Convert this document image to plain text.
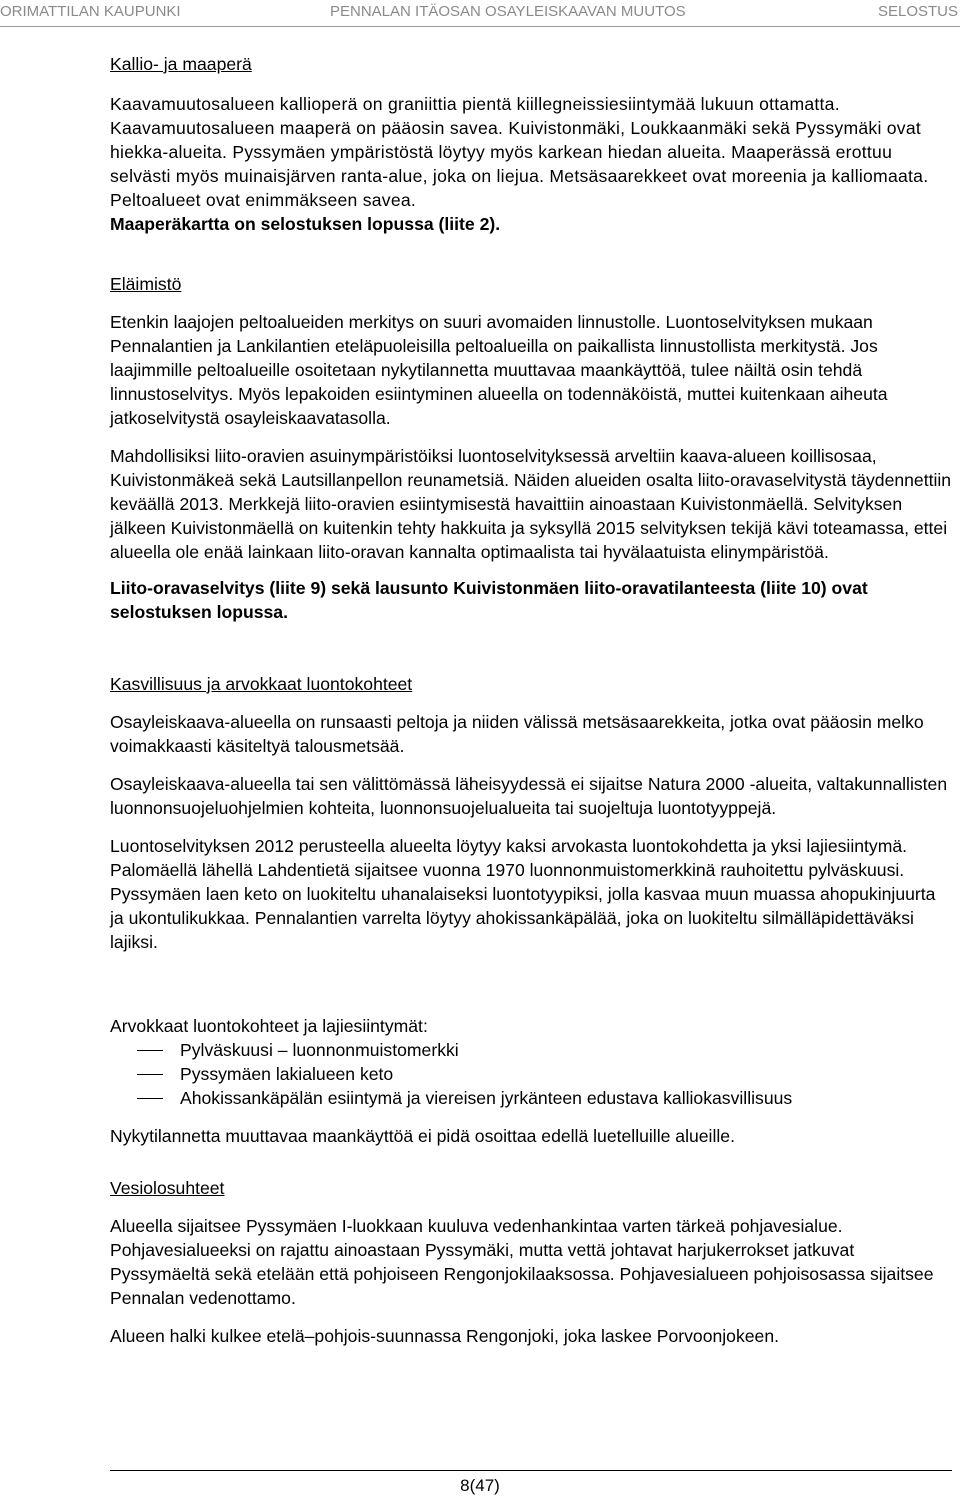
ORIMATTILAN KAUPUNKI	PENNALAN ITÄOSAN OSAYLEISKAAVAN MUUTOS	SELOSTUS

Kallio- ja maaperä

Kaavamuutosalueen kallioperä on graniittia pientä kiillegneissiesiintymää lukuun ottamatta. Kaavamuutosalueen maaperä on pääosin savea. Kuivistonmäki, Loukkaanmäki sekä Pyssymäki ovat hiekka-alueita. Pyssymäen ympäristöstä löytyy myös karkean hiedan alueita. Maaperässä erottuu selvästi myös muinaisjärven ranta-alue, joka on liejua. Metsäsaarekkeet ovat moreenia ja kalliomaata. Peltoalueet ovat enimmäkseen savea.

Maaperäkartta on selostuksen lopussa (liite 2).

Eläimistö

Etenkin laajojen peltoalueiden merkitys on suuri avomaiden linnustolle. Luontoselvityksen mukaan Pennalantien ja Lankilantien eteläpuoleisilla peltoalueilla on paikallista linnustollista merkitystä. Jos laajimmille peltoalueille osoitetaan nykytilannetta muuttavaa maankäyttöä, tulee näiltä osin tehdä linnustoselvitys. Myös lepakoiden esiintyminen alueella on todennäköistä, muttei kuitenkaan aiheuta jatkoselvitystä osayleiskaavatasolla.

Mahdollisiksi liito-oravien asuinympäristöiksi luontoselvityksessä arveltiin kaava-alueen koillisosaa, Kuivistonmäkeä sekä Lautsillanpellon reunametsiä. Näiden alueiden osalta liito-oravaselvitystä täydennettiin keväällä 2013. Merkkejä liito-oravien esiintymisestä havaittiin ainoastaan Kuivistonmäellä. Selvityksen jälkeen Kuivistonmäellä on kuitenkin tehty hakkuita ja syksyllä 2015 selvityksen tekijä kävi toteamassa, ettei alueella ole enää lainkaan liito-oravan kannalta optimaalista tai hyvälaatuista elinympäristöä.

Liito-oravaselvitys (liite 9) sekä lausunto Kuivistonmäen liito-oravatilanteesta (liite 10) ovat selostuksen lopussa.

Kasvillisuus ja arvokkaat luontokohteet

Osayleiskaava-alueella on runsaasti peltoja ja niiden välissä metsäsaarekkeita, jotka ovat pääosin melko voimakkaasti käsiteltyä talousmetsää.

Osayleiskaava-alueella tai sen välittömässä läheisyydessä ei sijaitse Natura 2000 -alueita, valtakunnallisten luonnonsuojeluohjelmien kohteita, luonnonsuojelualueita tai suojeltuja luontotyyppejä.

Luontoselvityksen 2012 perusteella alueelta löytyy kaksi arvokasta luontokohdetta ja yksi lajiesiintymä. Palomäellä lähellä Lahdentietä sijaitsee vuonna 1970 luonnonmuistomerkkinä rauhoitettu pylväskuusi. Pyssymäen laen keto on luokiteltu uhanalaiseksi luontotyypiksi, jolla kasvaa muun muassa ahopukinjuurta ja ukontulikukkaa. Pennalantien varrelta löytyy ahokissankäpälää, joka on luokiteltu silmälläpidettäväksi lajiksi.

Arvokkaat luontokohteet ja lajiesiintymät:

Pylväskuusi – luonnonmuistomerkki
Pyssymäen lakialueen keto
Ahokissankäpälän esiintymä ja viereisen jyrkänteen edustava kalliokasvillisuus

Nykytilannetta muuttavaa maankäyttöä ei pidä osoittaa edellä luetelluille alueille.

Vesiolosuhteet

Alueella sijaitsee Pyssymäen I-luokkaan kuuluva vedenhankintaa varten tärkeä pohjavesialue. Pohjavesialueeksi on rajattu ainoastaan Pyssymäki, mutta vettä johtavat harjukerrokset jatkuvat Pyssymäeltä sekä etelään että pohjoiseen Rengonjokilaaksossa. Pohjavesialueen pohjoisosassa sijaitsee Pennalan vedenottamo.

Alueen halki kulkee etelä–pohjois-suunnassa Rengonjoki, joka laskee Porvoonjokeen.

8(47)
